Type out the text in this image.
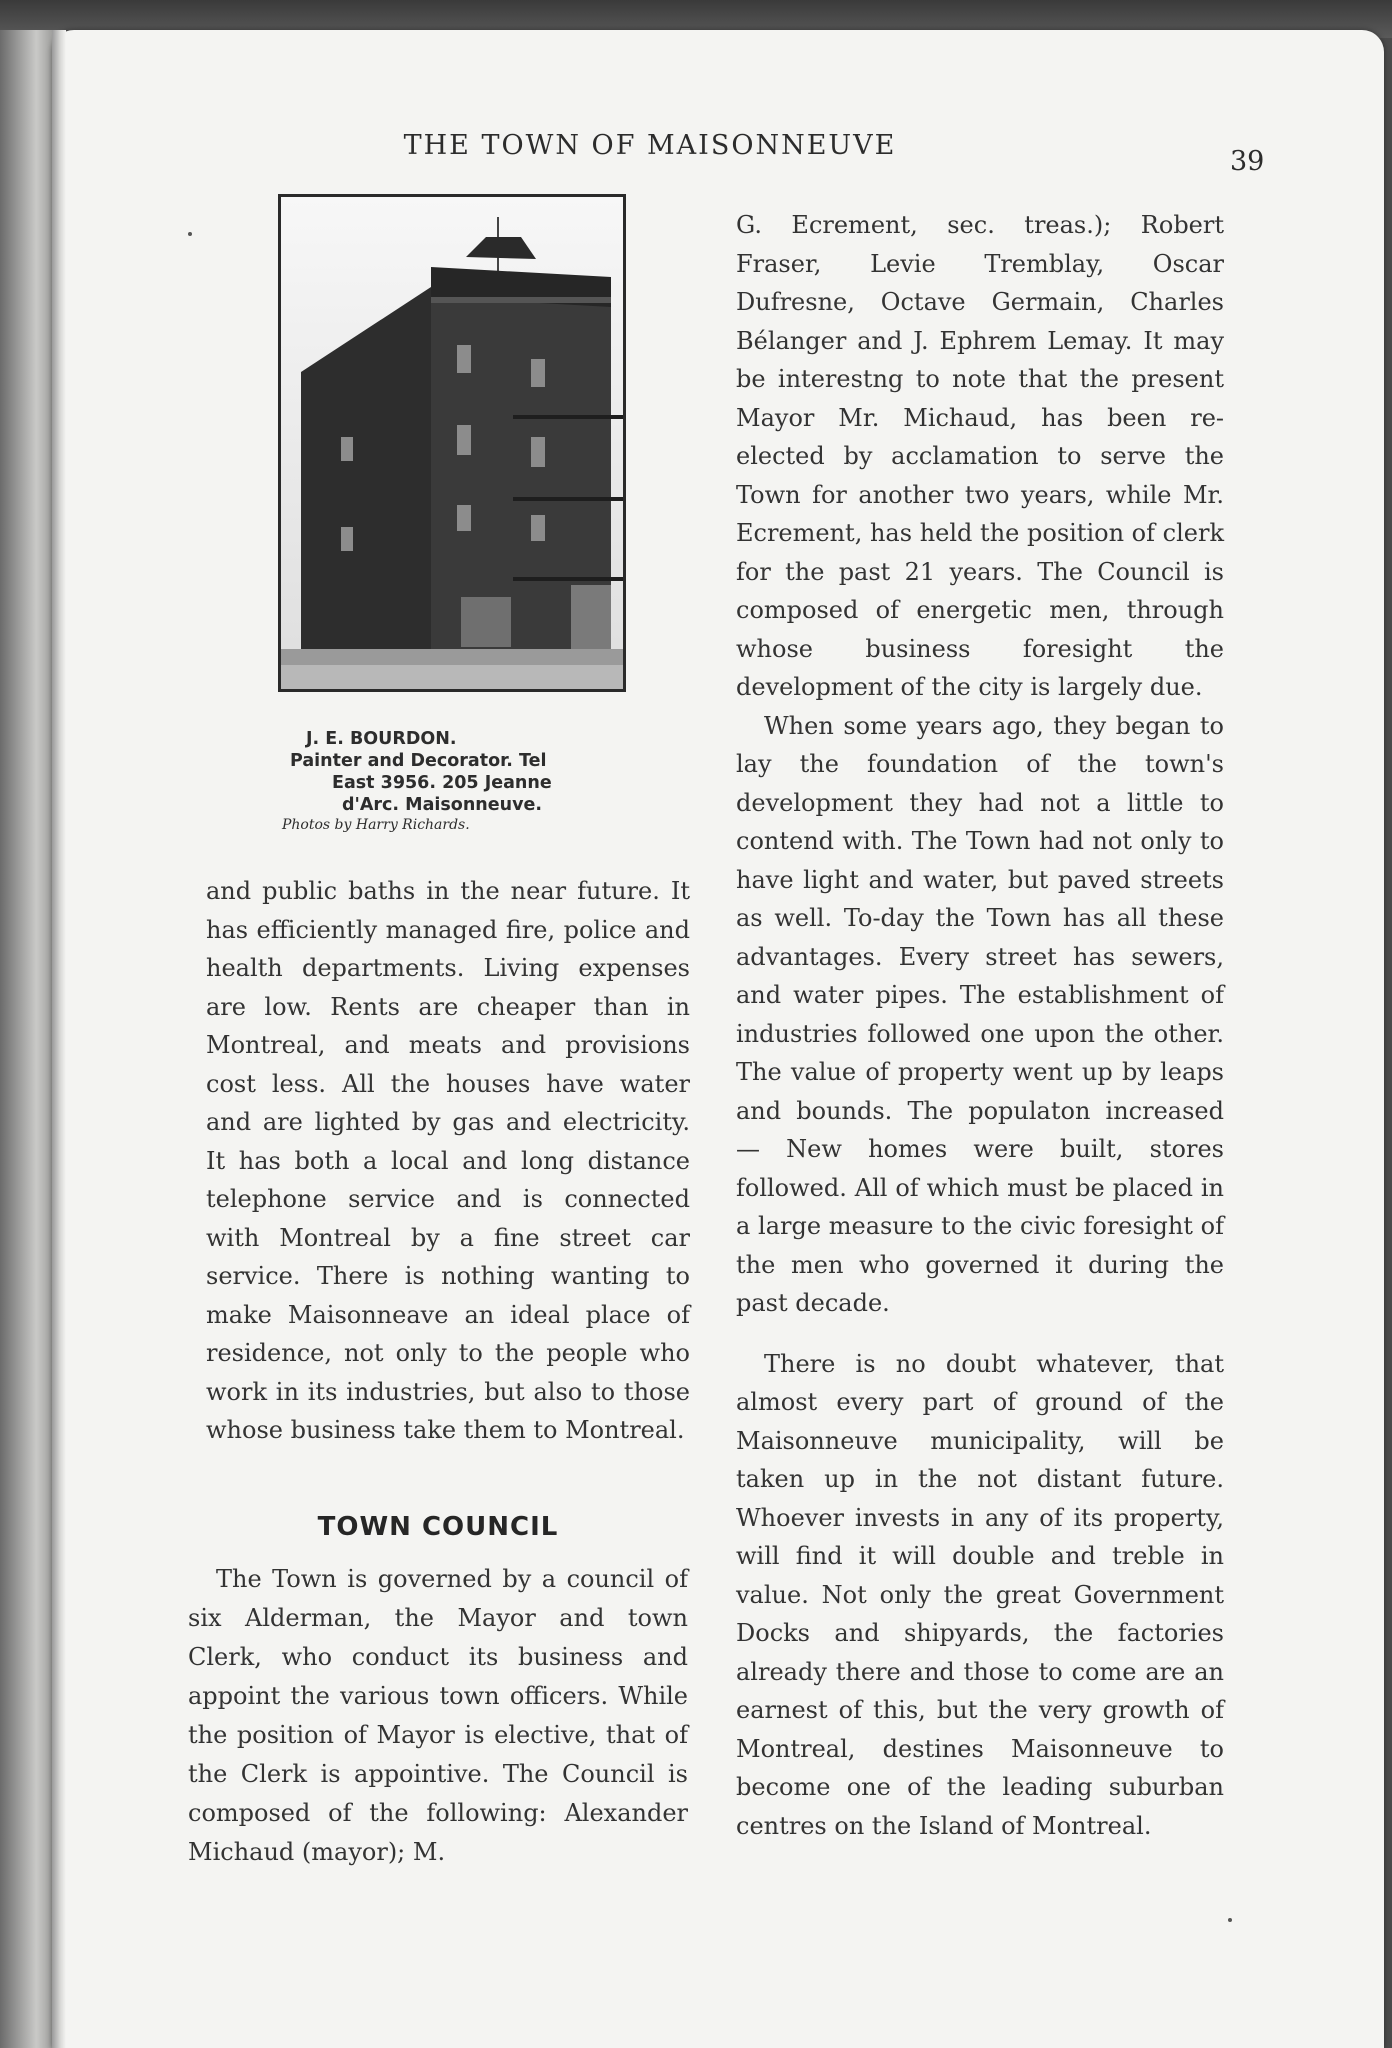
THE TOWN OF MAISONNEUVE
39
J. E. BOURDON.
Painter and Decorator. Tel
East 3956. 205 Jeanne
d'Arc. Maisonneuve.
Photos by Harry Richards.

and public baths in the near future. It has efficiently managed fire, police and health departments. Living expenses are low. Rents are cheaper than in Montreal, and meats and provisions cost less. All the houses have water and are lighted by gas and electricity. It has both a local and long distance telephone service and is connected with Montreal by a fine street car service. There is nothing wanting to make Maisonneave an ideal place of residence, not only to the people who work in its industries, but also to those whose business take them to Montreal.

TOWN COUNCIL

The Town is governed by a council of six Alderman, the Mayor and town Clerk, who conduct its business and appoint the various town officers. While the position of Mayor is elective, that of the Clerk is appointive. The Council is composed of the following: Alexander Michaud (mayor); M.

G. Ecrement, sec. treas.); Robert Fraser, Levie Tremblay, Oscar Dufresne, Octave Germain, Charles Bélanger and J. Ephrem Lemay. It may be interestng to note that the present Mayor Mr. Michaud, has been re-elected by acclamation to serve the Town for another two years, while Mr. Ecrement, has held the position of clerk for the past 21 years. The Council is composed of energetic men, through whose business foresight the development of the city is largely due.

When some years ago, they began to lay the foundation of the town's development they had not a little to contend with. The Town had not only to have light and water, but paved streets as well. To-day the Town has all these advantages. Every street has sewers, and water pipes. The establishment of industries followed one upon the other. The value of property went up by leaps and bounds. The populaton increased — New homes were built, stores followed. All of which must be placed in a large measure to the civic foresight of the men who governed it during the past decade.

There is no doubt whatever, that almost every part of ground of the Maisonneuve municipality, will be taken up in the not distant future. Whoever invests in any of its property, will find it will double and treble in value. Not only the great Government Docks and shipyards, the factories already there and those to come are an earnest of this, but the very growth of Montreal, destines Maisonneuve to become one of the leading suburban centres on the Island of Montreal.
